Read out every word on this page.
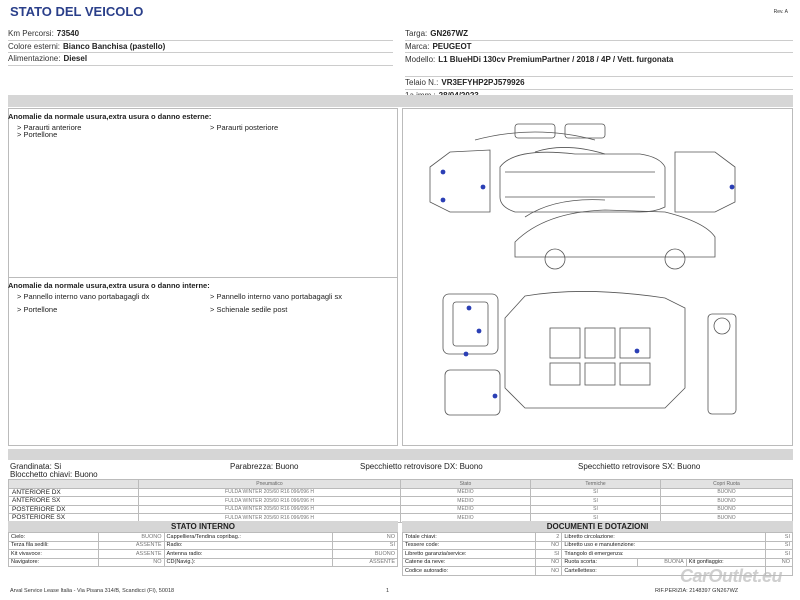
STATO DEL VEICOLO	Rev. A
Km Percorsi: 73540
Colore esterni: Bianco Banchisa (pastello)
Alimentazione: Diesel
Targa: GN267WZ
Marca: PEUGEOT
Modello: L1 BlueHDi 130cv PremiumPartner / 2018 / 4P / Vett. furgonata
Telaio N.: VR3EFYHP2PJ579926
Anomalie da normale usura,extra usura o danno esterne:
> Paraurti anteriore	> Paraurti posteriore
> Portellone
Anomalie da normale usura,extra usura o danno interne:
> Pannello interno vano portabagagli dx	> Pannello interno vano portabagagli sx
> Portellone	> Schienale sedile post
Grandinata: Si
Blocchetto chiavi: Buono
Parabrezza: Buono	Specchietto retrovisore DX: Buono	Specchietto retrovisore SX: Buono
	Pneumatico	Stato	Termiche	Copri Ruota
ANTERIORE DX	FULDA WINTER 205/60 R16 096/096 H	MEDIO	SI	BUONO
ANTERIORE SX	FULDA WINTER 205/60 R16 096/096 H	MEDIO	SI	BUONO
POSTERIORE DX	FULDA WINTER 205/60 R16 096/096 H	MEDIO	SI	BUONO
POSTERIORE SX	FULDA WINTER 205/60 R16 096/096 H	MEDIO	SI	BUONO
STATO INTERNO
Cielo:	BUONO	Cappelliera/Tendina copribag.:	NO
Terza fila sedili:	ASSENTE	Radio:	SI
Kit vivavoce:	ASSENTE	Antenna radio:	BUONO
Navigatore:	NO	CD(Navig.):	ASSENTE
DOCUMENTI E DOTAZIONI
Totale chiavi:	2	Libretto circolazione:			SI
Tessere code:	NO	Libretto uso e manutenzione:			SI
Libretto garanzia/service:	SI	Triangolo di emergenza:			SI
Catene da neve:	NO	Ruota scorta:	BUONA	Kit gonfiaggio:	NO
Codice autoradio:	NO	Cartelletteso:			
Arval Service Lease Italia - Via Pisana 314/B, Scandicci (FI), 50018	1	RIF.PERIZIA: 2148397 GN267WZ
CarOutlet.eu
